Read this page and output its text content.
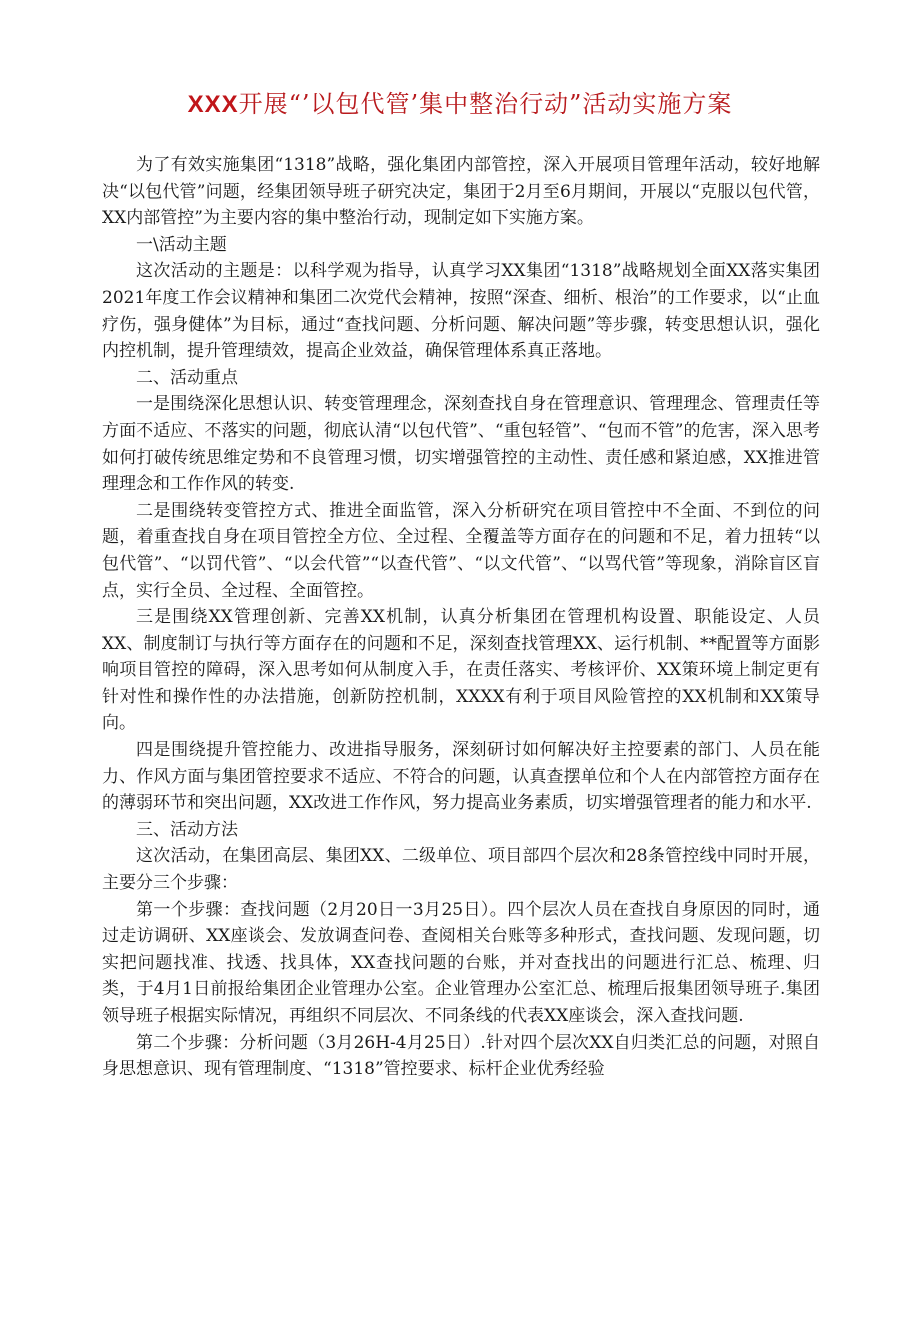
XXX开展“’以包代管’集中整治行动”活动实施方案

为了有效实施集团“1318”战略，强化集团内部管控，深入开展项目管理年活动，较好地解决“以包代管”问题，经集团领导班子研究决定，集团于2月至6月期间，开展以“克服以包代管，XX内部管控”为主要内容的集中整治行动，现制定如下实施方案。

一\活动主题

这次活动的主题是：以科学观为指导，认真学习XX集团“1318”战略规划全面XX落实集团2021年度工作会议精神和集团二次党代会精神，按照“深查、细析、根治”的工作要求，以“止血疗伤，强身健体”为目标，通过“查找问题、分析问题、解决问题”等步骤，转变思想认识，强化内控机制，提升管理绩效，提高企业效益，确保管理体系真正落地。

二、活动重点

一是围绕深化思想认识、转变管理理念，深刻查找自身在管理意识、管理理念、管理责任等方面不适应、不落实的问题，彻底认清“以包代管”、“重包轻管”、“包而不管”的危害，深入思考如何打破传统思维定势和不良管理习惯，切实增强管控的主动性、责任感和紧迫感，XX推进管理理念和工作作风的转变.

二是围绕转变管控方式、推进全面监管，深入分析研究在项目管控中不全面、不到位的问题，着重查找自身在项目管控全方位、全过程、全覆盖等方面存在的问题和不足，着力扭转“以包代管”、“以罚代管”、“以会代管”“以查代管”、“以文代管”、“以骂代管”等现象，消除盲区盲点，实行全员、全过程、全面管控。

三是围绕XX管理创新、完善XX机制，认真分析集团在管理机构设置、职能设定、人员XX、制度制订与执行等方面存在的问题和不足，深刻查找管理XX、运行机制、**配置等方面影响项目管控的障碍，深入思考如何从制度入手，在责任落实、考核评价、XX策环境上制定更有针对性和操作性的办法措施，创新防控机制，XXXX有利于项目风险管控的XX机制和XX策导向。

四是围绕提升管控能力、改进指导服务，深刻研讨如何解决好主控要素的部门、人员在能力、作风方面与集团管控要求不适应、不符合的问题，认真查摆单位和个人在内部管控方面存在的薄弱环节和突出问题，XX改进工作作风，努力提高业务素质，切实增强管理者的能力和水平.

三、活动方法

这次活动，在集团高层、集团XX、二级单位、项目部四个层次和28条管控线中同时开展，主要分三个步骤：

第一个步骤：查找问题（2月20日一3月25日）。四个层次人员在查找自身原因的同时，通过走访调研、XX座谈会、发放调查问卷、查阅相关台账等多种形式，查找问题、发现问题，切实把问题找准、找透、找具体，XX查找问题的台账，并对查找出的问题进行汇总、梳理、归类，于4月1日前报给集团企业管理办公室。企业管理办公室汇总、梳理后报集团领导班子.集团领导班子根据实际情况，再组织不同层次、不同条线的代表XX座谈会，深入查找问题.

第二个步骤：分析问题（3月26H-4月25日）.针对四个层次XX自归类汇总的问题，对照自身思想意识、现有管理制度、“1318”管控要求、标杆企业优秀经验
